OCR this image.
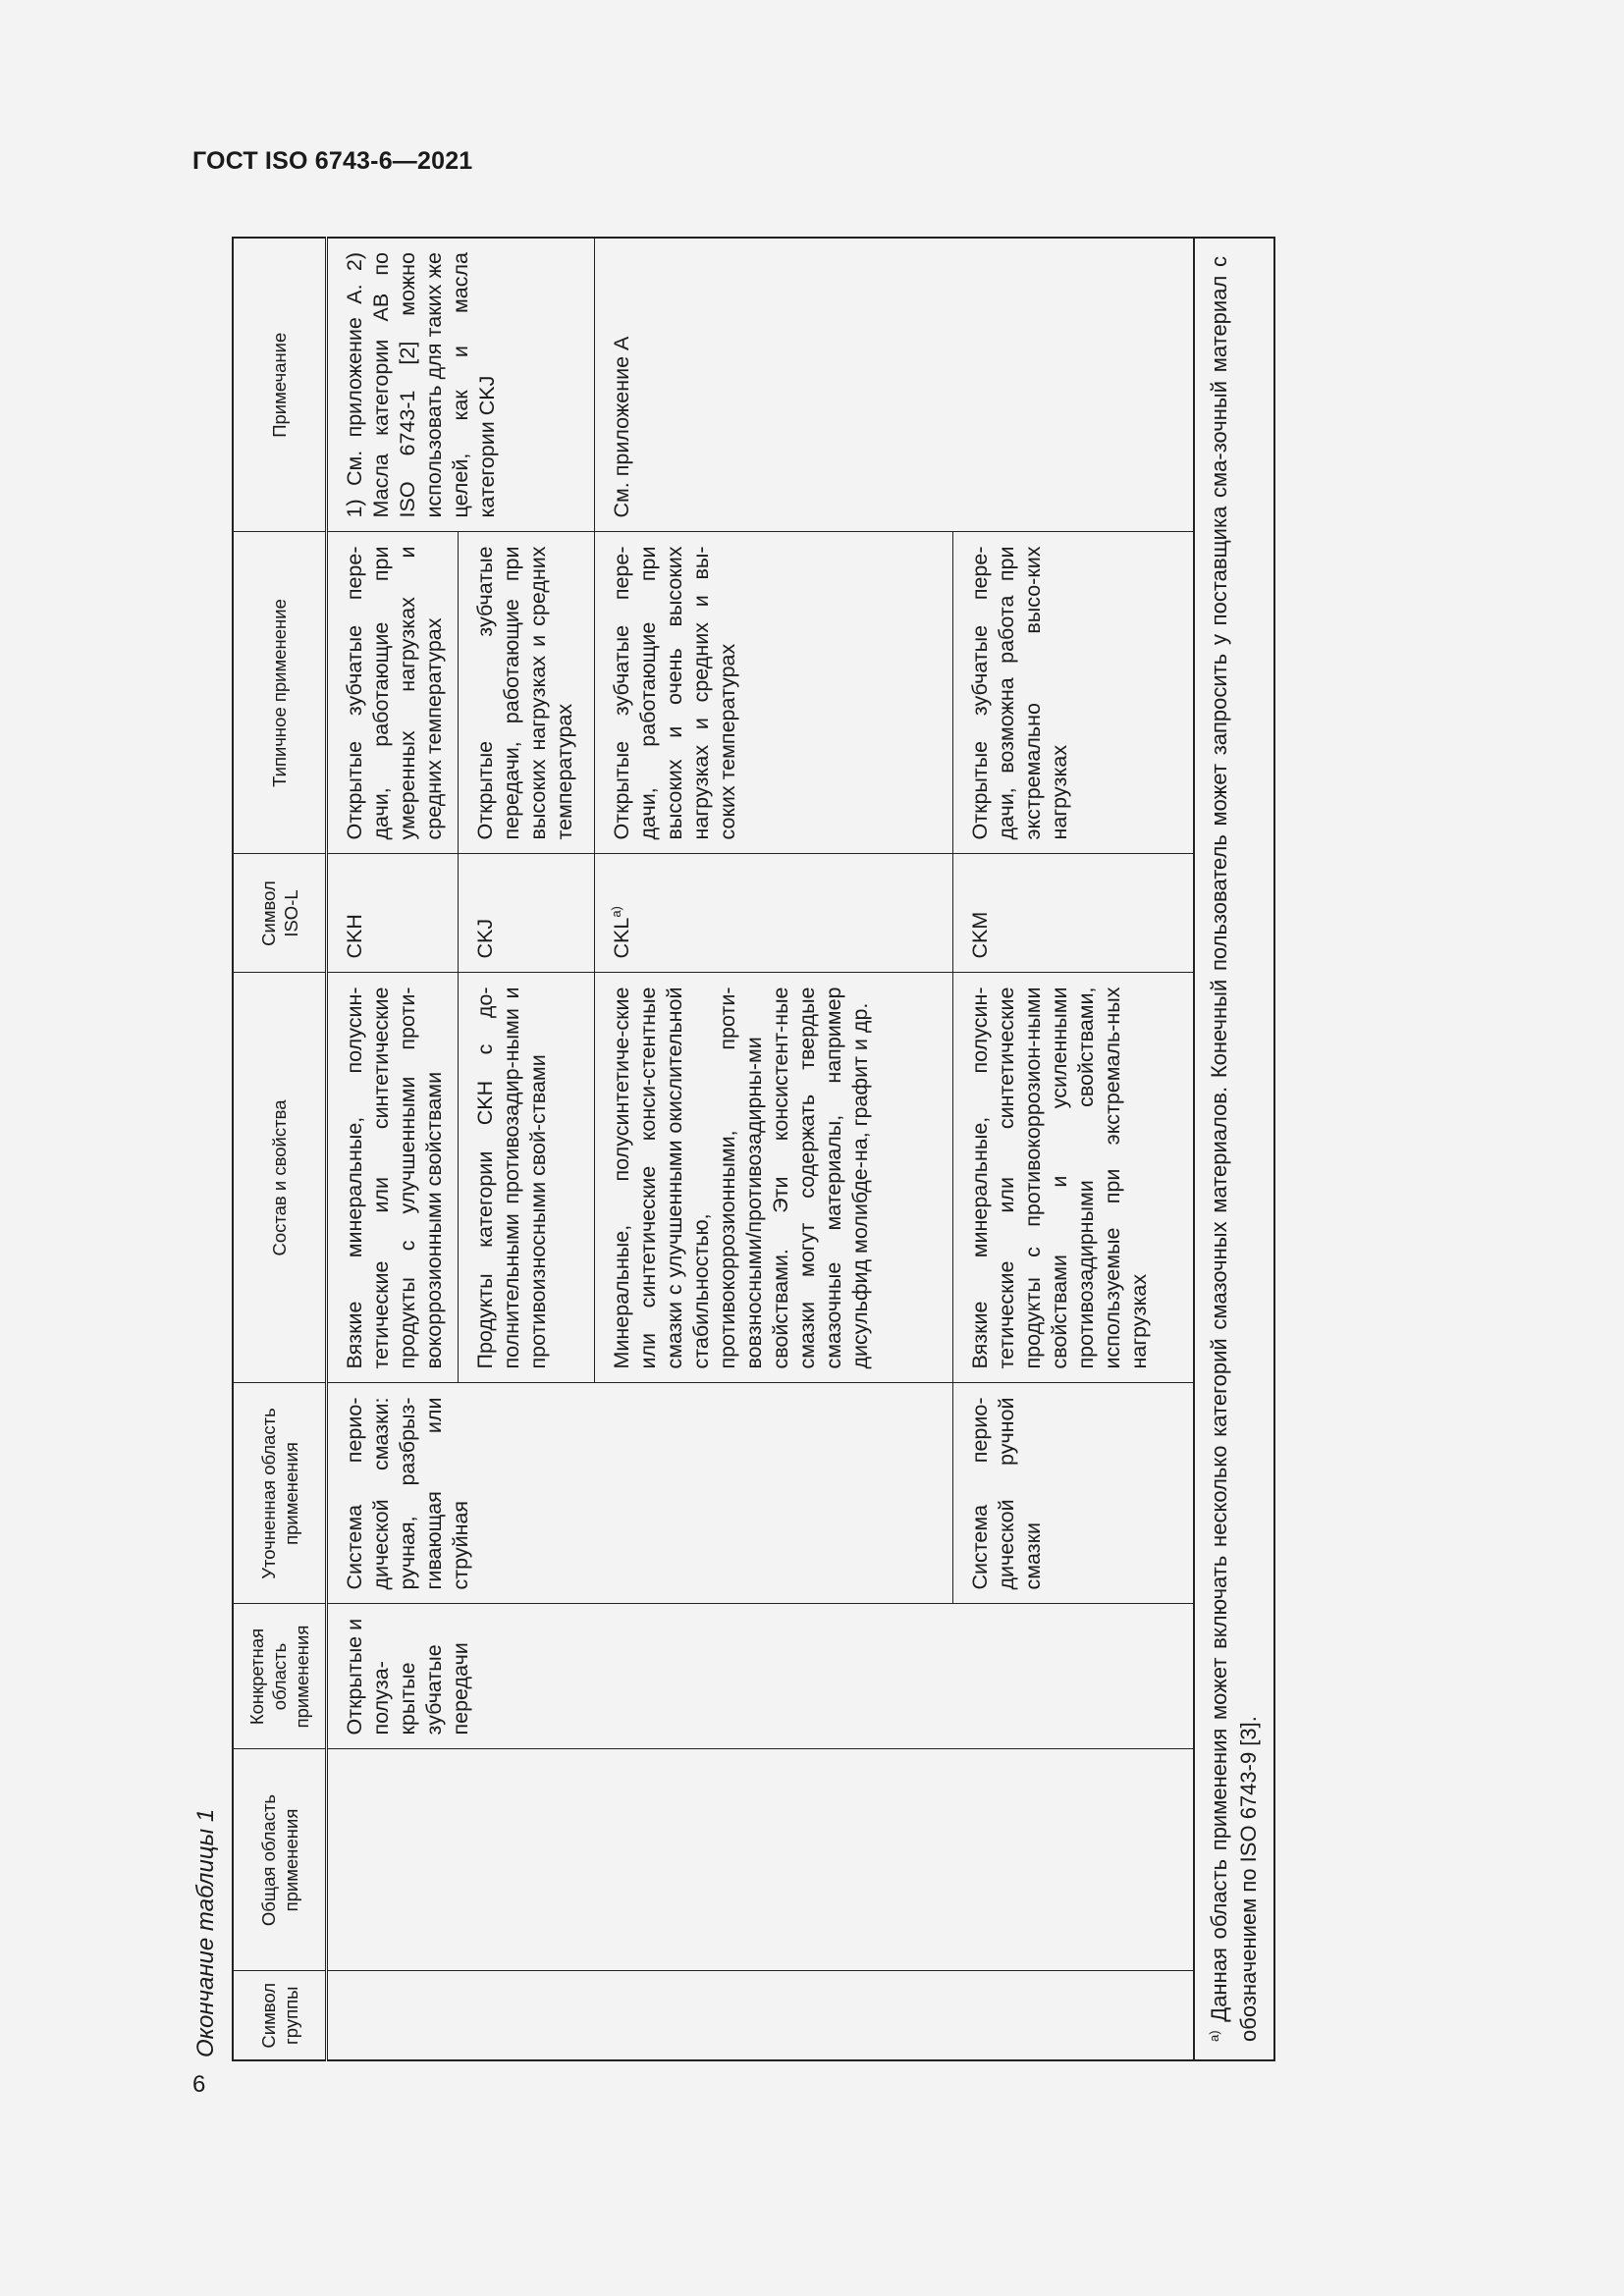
ГОСТ ISO 6743-6—2021
6
Окончание таблицы 1	Символ группы	Общая область применения	Конкретная область применения	Уточненная область применения	Состав и свойства	Символ ISO-L	Типичное применение	Примечание
		Открытые и полуза-крытые зубчатые передачи	Система перио-дической смазки: ручная, разбрыз-гивающая или струйная	Вязкие минеральные, полусин-тетические или синтетические продукты с улучшенными проти-вокоррозионными свойствами	CKH	Открытые зубчатые пере-дачи, работающие при умеренных нагрузках и средних температурах	1) См. приложение А. 2) Масла категории AB по ISO 6743-1 [2] можно использовать для таких же целей, как и масла категории CKJ
				Продукты категории CKH с до-полнительными противозадир-ными и противоизносными свой-ствами	CKJ	Открытые зубчатые передачи, работающие при высоких нагрузках и средних температурах	
				Минеральные, полусинтетиче-ские или синтетические конси-стентные смазки с улучшенными окислительной стабильностью, противокоррозионными, проти-вовзносными/противозадирны-ми свойствами. Эти консистент-ные смазки могут содержать твердые смазочные материалы, например дисульфид молибде-на, графит и др.	CKL$^{a)}$	Открытые зубчатые пере-дачи, работающие при высоких и очень высоких нагрузках и средних и вы-соких температурах	См. приложение А
			Система перио-дической ручной смазки	Вязкие минеральные, полусин-тетические или синтетические продукты с противокоррозион-ными свойствами и усиленными противозадирными свойствами, используемые при экстремаль-ных нагрузках	CKM	Открытые зубчатые пере-дачи, возможна работа при экстремально высо-ких нагрузках	
$^{a)}$ Данная область применения может включать несколько категорий смазочных материалов. Конечный пользователь может запросить у поставщика сма-зочный материал с обозначением по ISO 6743-9 [3].							
